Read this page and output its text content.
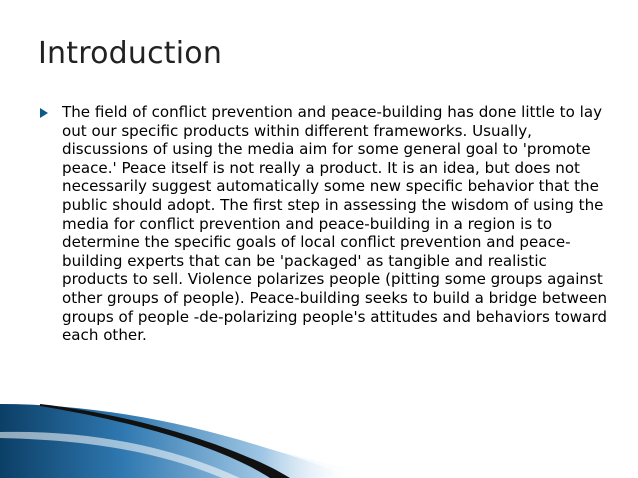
Introduction

The field of conflict prevention and peace-building has done little to lay out our specific products within different frameworks. Usually, discussions of using the media aim for some general goal to 'promote peace.' Peace itself is not really a product. It is an idea, but does not necessarily suggest automatically some new specific behavior that the public should adopt. The first step in assessing the wisdom of using the media for conflict prevention and peace-building in a region is to determine the specific goals of local conflict prevention and peace-building experts that can be 'packaged' as tangible and realistic products to sell. Violence polarizes people (pitting some groups against other groups of people). Peace-building seeks to build a bridge between groups of people -de-polarizing people's attitudes and behaviors toward each other.
